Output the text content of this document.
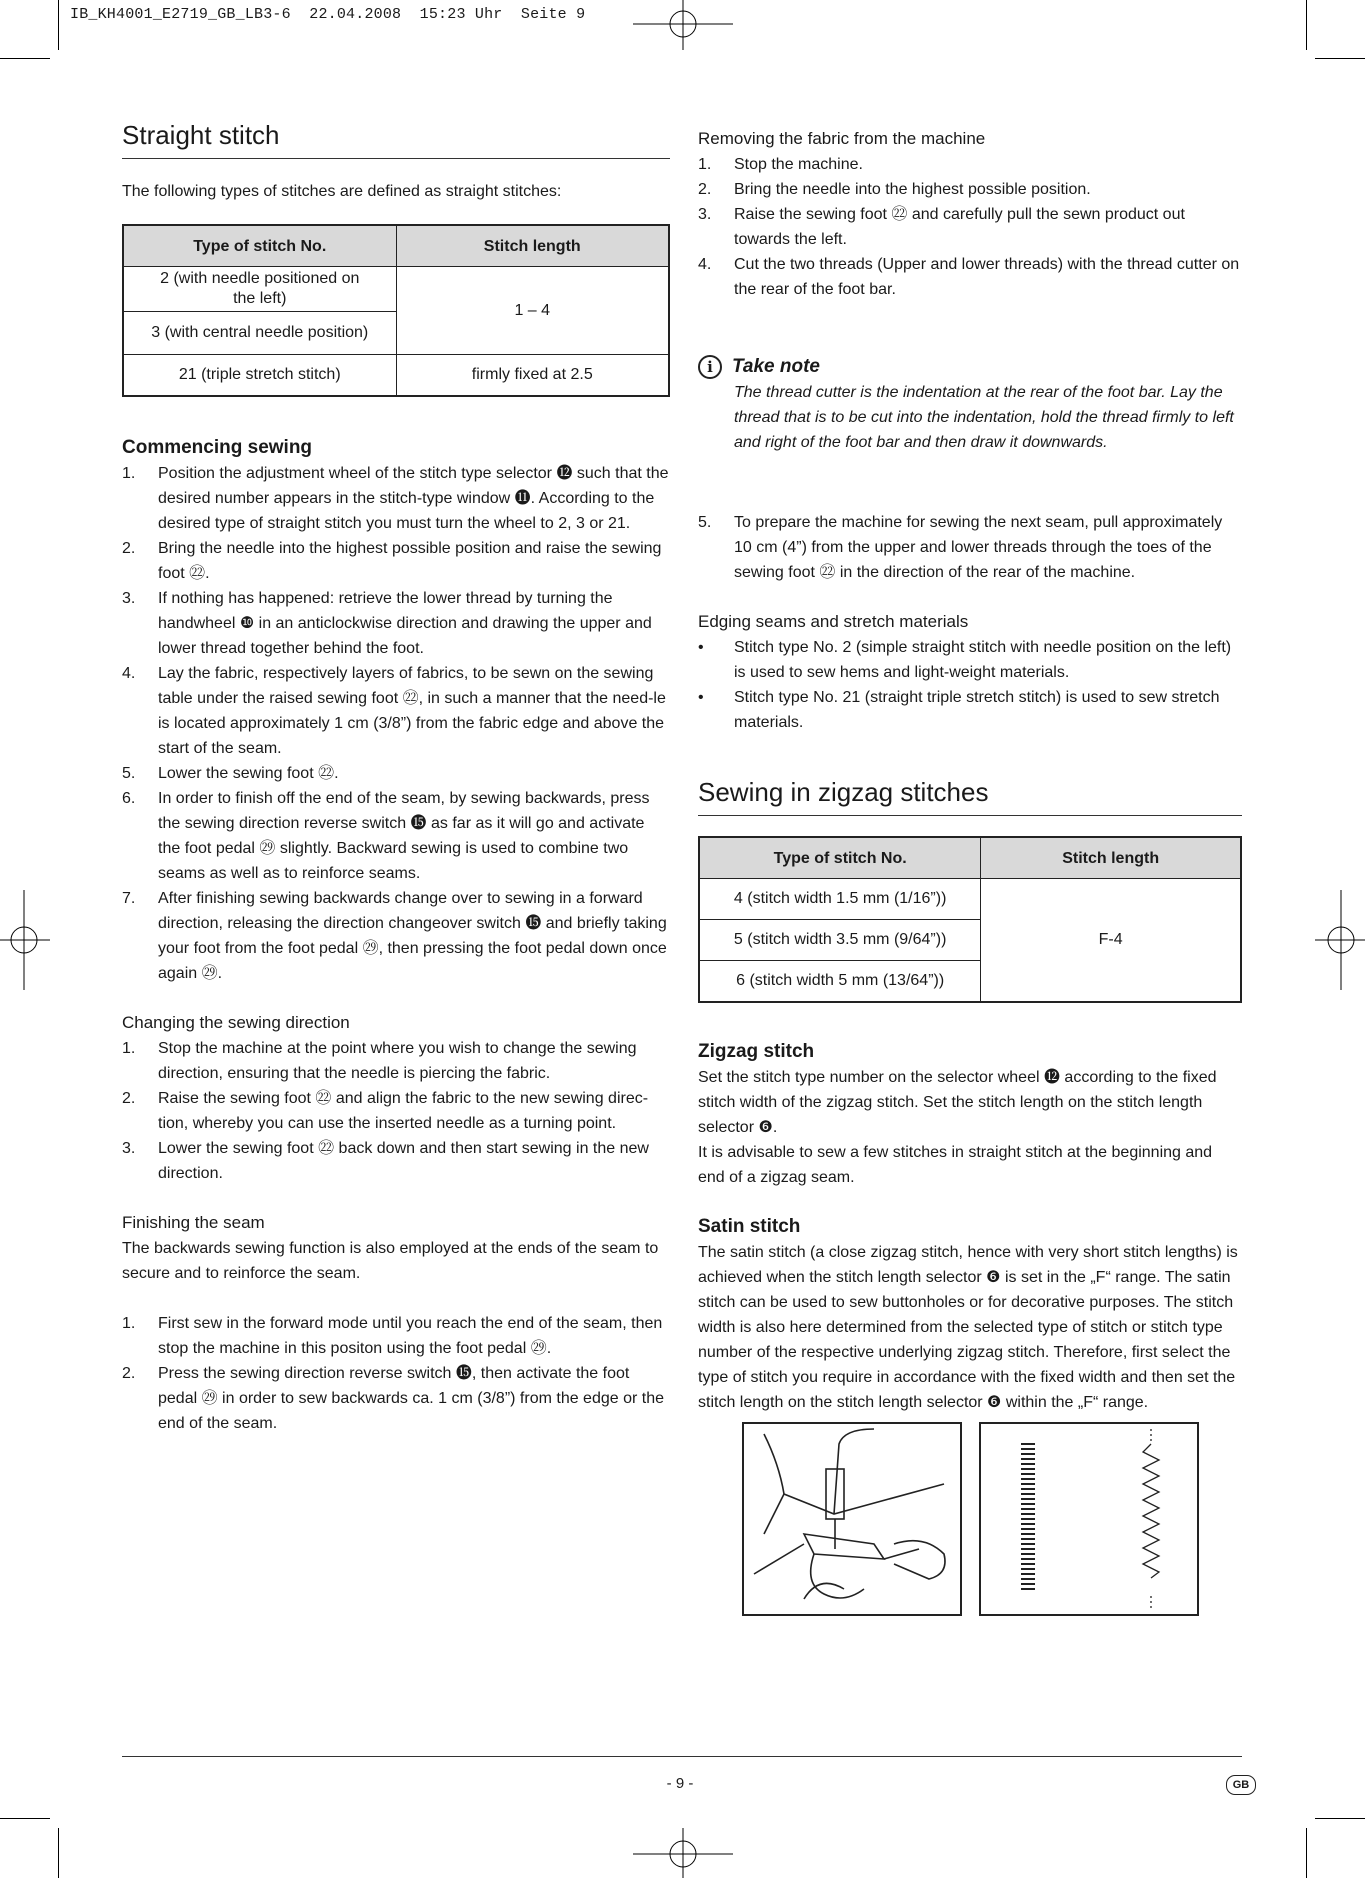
IB_KH4001_E2719_GB_LB3-6  22.04.2008  15:23 Uhr  Seite 9
Straight stitch

The following types of stitches are defined as straight stitches:

Type of stitch No.	Stitch length
2 (with needle positioned on the left)	1 – 4
3 (with central needle position)	
21 (triple stretch stitch)	firmly fixed at 2.5
Commencing sewing
1.	Position the adjustment wheel of the stitch type selector ⓬ such that the desired number appears in the stitch-type window ⓫. According to the desired type of straight stitch you must turn the wheel to 2, 3 or 21.
2.	Bring the needle into the highest possible position and raise the sewing foot ㉒.
3.	If nothing has happened: retrieve the lower thread by turning the handwheel ❿ in an anticlockwise direction and drawing the upper and lower thread together behind the foot.
4.	Lay the fabric, respectively layers of fabrics, to be sewn on the sewing table under the raised sewing foot ㉒, in such a manner that the need-le is located approximately 1 cm (3/8”) from the fabric edge and above the start of the seam.
5.	Lower the sewing foot ㉒.
6.	In order to finish off the end of the seam, by sewing backwards, press the sewing direction reverse switch ⓯ as far as it will go and activate the foot pedal ㉙ slightly. Backward sewing is used to combine two seams as well as to reinforce seams.
7.	After finishing sewing backwards change over to sewing in a forward direction, releasing the direction changeover switch ⓯ and briefly taking your foot from the foot pedal ㉙, then pressing the foot pedal down once again ㉙.
Changing the sewing direction
1.	Stop the machine at the point where you wish to change the sewing direction, ensuring that the needle is piercing the fabric.
2.	Raise the sewing foot ㉒ and align the fabric to the new sewing direc-tion, whereby you can use the inserted needle as a turning point.
3.	Lower the sewing foot ㉒ back down and then start sewing in the new direction.
Finishing the seam

The backwards sewing function is also employed at the ends of the seam to secure and to reinforce the seam.

1.	First sew in the forward mode until you reach the end of the seam, then stop the machine in this positon using the foot pedal ㉙.
2.	Press the sewing direction reverse switch ⓯, then activate the foot pedal ㉙ in order to sew backwards ca. 1 cm (3/8”) from the edge or the end of the seam.
Removing the fabric from the machine
1.	Stop the machine.
2.	Bring the needle into the highest possible position.
3.	Raise the sewing foot ㉒ and carefully pull the sewn product out towards the left.
4.	Cut the two threads (Upper and lower threads) with the thread cutter on the rear of the foot bar.
i	Take note

The thread cutter is the indentation at the rear of the foot bar. Lay the thread that is to be cut into the indentation, hold the thread firmly to left and right of the foot bar and then draw it downwards.

5.	To prepare the machine for sewing the next seam, pull approximately 10 cm (4”) from the upper and lower threads through the toes of the sewing foot ㉒ in the direction of the rear of the machine.
Edging seams and stretch materials
•	Stitch type No. 2 (simple straight stitch with needle position on the left) is used to sew hems and light-weight materials.
•	Stitch type No. 21 (straight triple stretch stitch) is used to sew stretch materials.
Sewing in zigzag stitches
Type of stitch No.	Stitch length
4 (stitch width 1.5 mm (1/16”))	F-4
5 (stitch width 3.5 mm (9/64”))	
6 (stitch width 5 mm (13/64”))	
Zigzag stitch

Set the stitch type number on the selector wheel ⓬ according to the fixed stitch width of the zigzag stitch. Set the stitch length on the stitch length selector ❻.

It is advisable to sew a few stitches in straight stitch at the beginning and end of a zigzag seam.

Satin stitch

The satin stitch (a close zigzag stitch, hence with very short stitch lengths) is achieved when the stitch length selector ❻ is set in the „F“ range. The satin stitch can be used to sew buttonholes or for decorative purposes. The stitch width is also here determined from the selected type of stitch or stitch type number of the respective underlying zigzag stitch. Therefore, first select the type of stitch you require in accordance with the fixed width and then set the stitch length on the stitch length selector ❻ within the „F“ range.

- 9 -	GB
